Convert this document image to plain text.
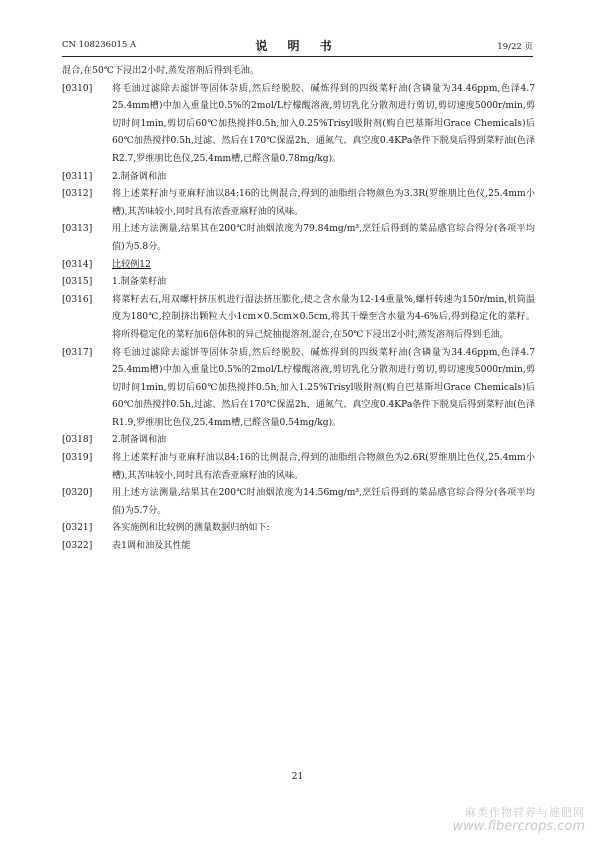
CN 108236015 A	说 明 书	19/22 页

混合,在50℃下浸出2小时,蒸发溶剂后得到毛油。

[0310] 将毛油过滤除去滤饼等固体杂质,然后经脱胶、碱炼得到的四级菜籽油(含磷量为34.46ppm,色泽4.7 25.4mm槽)中加入重量比0.5%的2mol/L柠檬酸溶液,剪切乳化分散剂进行剪切,剪切速度5000r/min,剪切时间1min,剪切后60℃加热搅拌0.5h,加入0.25%Trisyl吸附剂(购自巴基斯坦Grace Chemicals)后60℃加热搅拌0.5h,过滤、然后在170℃保温2h、通氮气、真空度0.4KPa条件下脱臭后得到菜籽油(色泽R2.7,罗维朋比色仪,25.4mm槽,已醛含量0.78mg/kg)。
[0311] 2.制备调和油
[0312] 将上述菜籽油与亚麻籽油以84:16的比例混合,得到的油脂组合物颜色为3.3R(罗维朋比色仪,25.4mm小槽),其苦味较小,同时具有浓香亚麻籽油的风味。
[0313] 用上述方法测量,结果其在200℃时油烟浓度为79.84mg/m³,烹饪后得到的菜品感官综合得分(各项平均值)为5.8分。
[0314] 比较例12
[0315] 1.制备菜籽油
[0316] 将菜籽去石,用双螺杆挤压机进行湿法挤压膨化,使之含水量为12-14重量%,螺杆转速为150r/min,机筒温度为180℃,控制挤出颗粒大小1cm×0.5cm×0.5cm,将其干燥至含水量为4-6%后,得到稳定化的菜籽。将所得稳定化的菜籽加6倍体积的异己烷抽提溶剂,混合,在50℃下浸出2小时,蒸发溶剂后得到毛油。
[0317] 将毛油过滤除去滤饼等固体杂质,然后经脱胶、碱炼得到的四级菜籽油(含磷量为34.46ppm,色泽4.7 25.4mm槽)中加入重量比0.5%的2mol/L柠檬酸溶液,剪切乳化分散剂进行剪切,剪切速度5000r/min,剪切时间1min,剪切后60℃加热搅拌0.5h,加入1.25%Trisyl吸附剂(购自巴基斯坦Grace Chemicals)后60℃加热搅拌0.5h,过滤、然后在170℃保温2h、通氮气、真空度0.4KPa条件下脱臭后得到菜籽油(色泽R1.9,罗维朋比色仪,25.4mm槽,已醛含量0.54mg/kg)。
[0318] 2.制备调和油
[0319] 将上述菜籽油与亚麻籽油以84:16的比例混合,得到的油脂组合物颜色为2.6R(罗维朋比色仪,25.4mm小槽),其苦味较小,同时具有浓香亚麻籽油的风味。
[0320] 用上述方法测量,结果其在200℃时油烟浓度为14.56mg/m³,烹饪后得到的菜品感官综合得分(各项平均值)为5.7分。
[0321] 各实施例和比较例的测量数据归纳如下:
[0322] 表1调和油及其性能
21
麻类作物营养与施肥网
www.fibercrops.com
